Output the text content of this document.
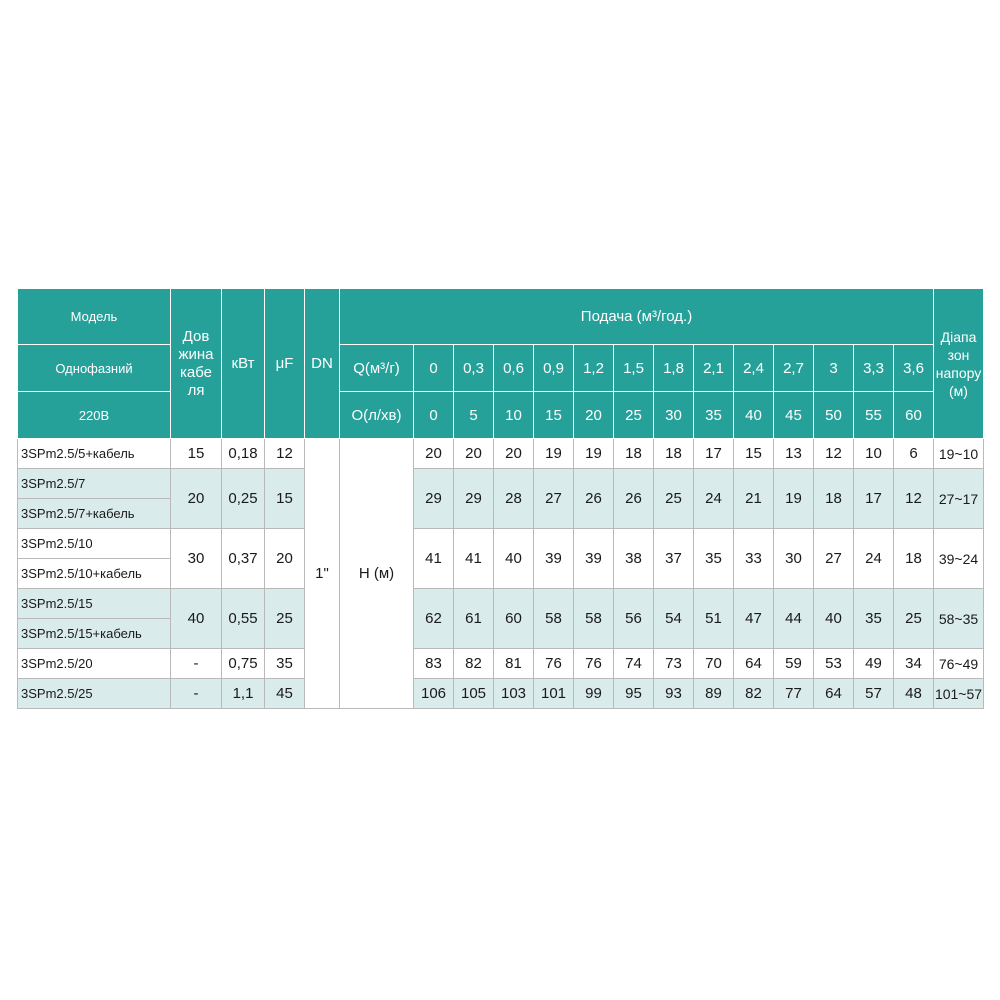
Модель	Дов
жина
кабе
ля	кВт	μF	DN	Подача (м³/год.)														Діапа
зон
напору
(м)

Однофазний					Q(м³/г)	0	0,3	0,6	0,9	1,2	1,5	1,8	2,1	2,4	2,7	3	3,3	3,6	
220В					О(л/хв)	0	5	10	15	20	25	30	35	40	45	50	55	60	
3SPm2.5/5+кабель	15	0,18	12	1"	Н (м)	20	20	20	19	19	18	18	17	15	13	12	10	6	19~10
3SPm2.5/7	20	0,25	15			29	29	28	27	26	26	25	24	21	19	18	17	12	27~17
3SPm2.5/7+кабель																			
3SPm2.5/10	30	0,37	20			41	41	40	39	39	38	37	35	33	30	27	24	18	39~24
3SPm2.5/10+кабель																			
3SPm2.5/15	40	0,55	25			62	61	60	58	58	56	54	51	47	44	40	35	25	58~35
3SPm2.5/15+кабель																			
3SPm2.5/20	-	0,75	35			83	82	81	76	76	74	73	70	64	59	53	49	34	76~49
3SPm2.5/25	-	1,1	45			106	105	103	101	99	95	93	89	82	77	64	57	48	101~57
